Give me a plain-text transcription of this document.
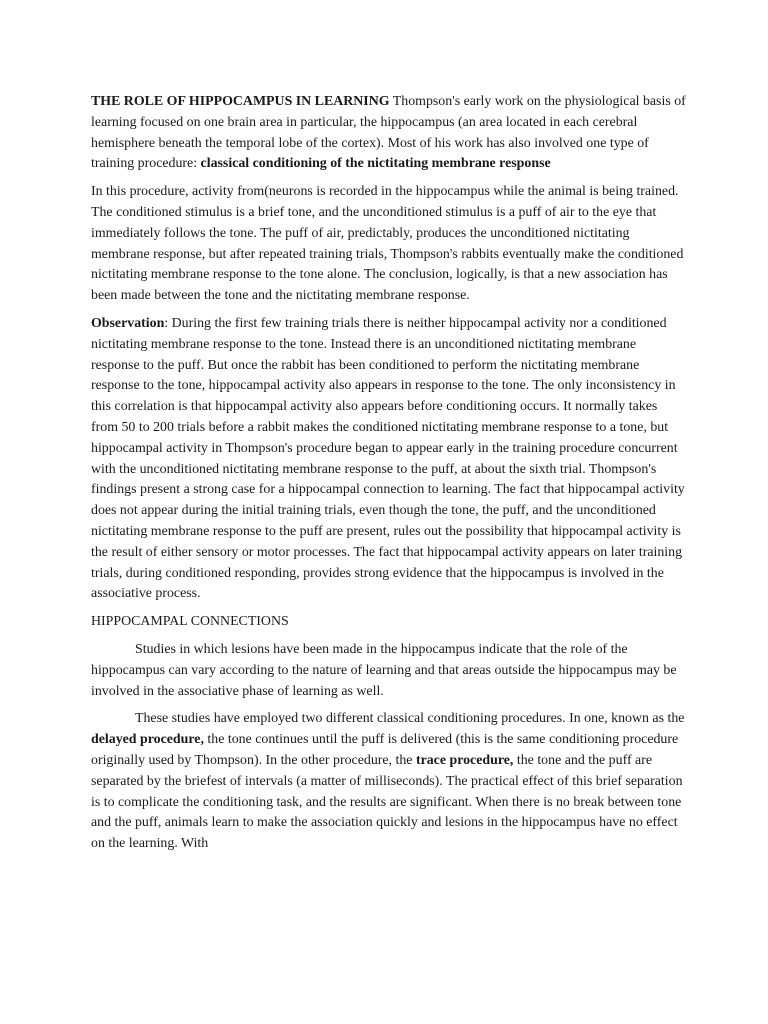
THE ROLE OF HIPPOCAMPUS IN LEARNING Thompson's early work on the physiological basis of learning focused on one brain area in particular, the hippocampus (an area located in each cerebral hemisphere beneath the temporal lobe of the cortex). Most of his work has also involved one type of training procedure: classical conditioning of the nictitating membrane response

In this procedure, activity from(neurons is recorded in the hippocampus while the animal is being trained. The conditioned stimulus is a brief tone, and the unconditioned stimulus is a puff of air to the eye that immediately follows the tone. The puff of air, predictably, produces the unconditioned nictitating membrane response, but after repeated training trials, Thompson's rabbits eventually make the conditioned nictitating membrane response to the tone alone. The conclusion, logically, is that a new association has been made between the tone and the nictitating membrane response.

Observation: During the first few training trials there is neither hippocampal activity nor a conditioned nictitating membrane response to the tone. Instead there is an unconditioned nictitating membrane response to the puff. But once the rabbit has been conditioned to perform the nictitating membrane response to the tone, hippocampal activity also appears in response to the tone. The only inconsistency in this correlation is that hippocampal activity also appears before conditioning occurs. It normally takes from 50 to 200 trials before a rabbit makes the conditioned nictitating membrane response to a tone, but hippocampal activity in Thompson's procedure began to appear early in the training procedure concurrent with the unconditioned nictitating membrane response to the puff, at about the sixth trial. Thompson's findings present a strong case for a hippocampal connection to learning. The fact that hippocampal activity does not appear during the initial training trials, even though the tone, the puff, and the unconditioned nictitating membrane response to the puff are present, rules out the possibility that hippocampal activity is the result of either sensory or motor processes. The fact that hippocampal activity appears on later training trials, during conditioned responding, provides strong evidence that the hippocampus is involved in the associative process.

HIPPOCAMPAL CONNECTIONS

Studies in which lesions have been made in the hippocampus indicate that the role of the hippocampus can vary according to the nature of learning and that areas outside the hippocampus may be involved in the associative phase of learning as well.

These studies have employed two different classical conditioning procedures. In one, known as the delayed procedure, the tone continues until the puff is delivered (this is the same conditioning procedure originally used by Thompson). In the other procedure, the trace procedure, the tone and the puff are separated by the briefest of intervals (a matter of milliseconds). The practical effect of this brief separation is to complicate the conditioning task, and the results are significant. When there is no break between tone and the puff, animals learn to make the association quickly and lesions in the hippocampus have no effect on the learning. With
